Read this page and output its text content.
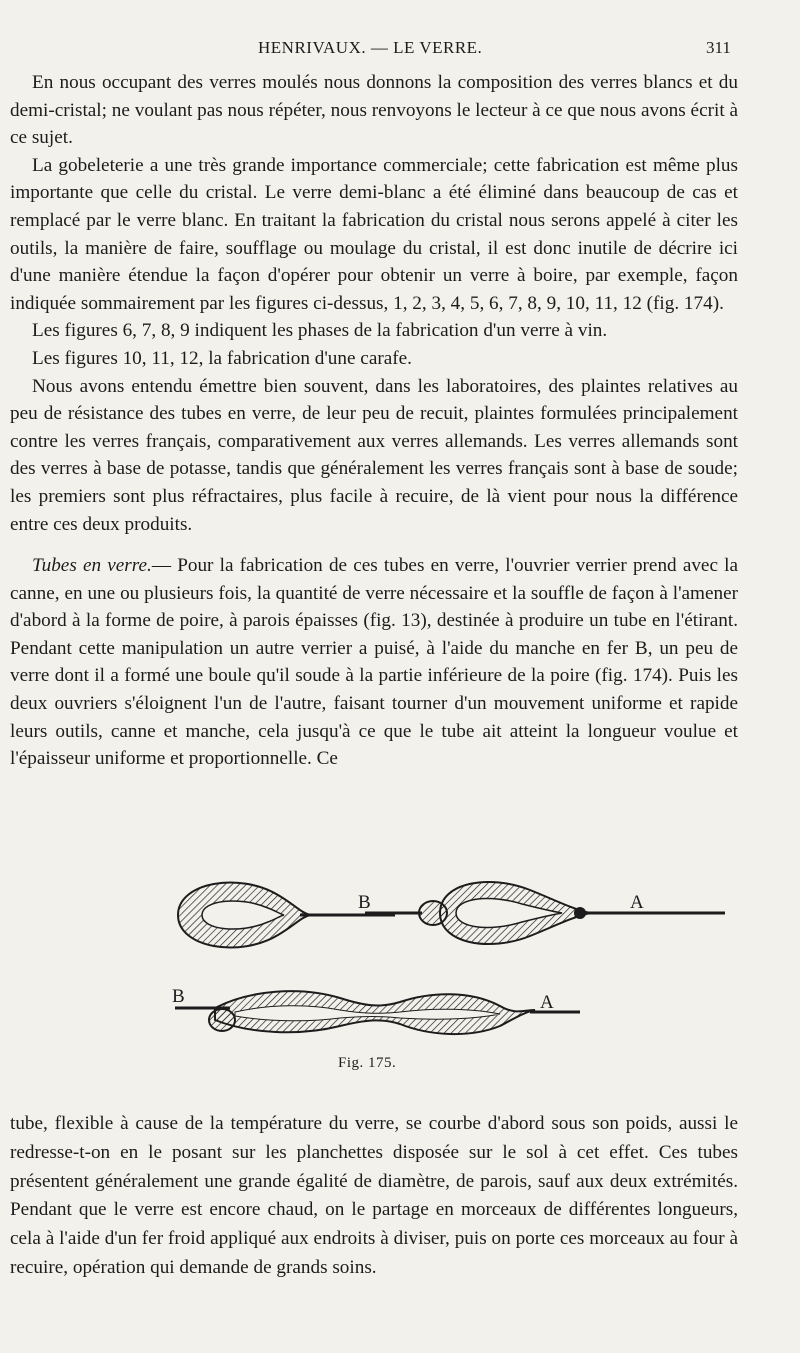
HENRIVAUX. — LE VERRE.	311

En nous occupant des verres moulés nous donnons la composition des verres blancs et du demi-cristal; ne voulant pas nous répéter, nous renvoyons le lecteur à ce que nous avons écrit à ce sujet.

La gobeleterie a une très grande importance commerciale; cette fabrication est même plus importante que celle du cristal. Le verre demi-blanc a été éliminé dans beaucoup de cas et remplacé par le verre blanc. En traitant la fabrication du cristal nous serons appelé à citer les outils, la manière de faire, soufflage ou moulage du cristal, il est donc inutile de décrire ici d'une manière étendue la façon d'opérer pour obtenir un verre à boire, par exemple, façon indiquée sommairement par les figures ci-dessus, 1, 2, 3, 4, 5, 6, 7, 8, 9, 10, 11, 12 (fig. 174).

Les figures 6, 7, 8, 9 indiquent les phases de la fabrication d'un verre à vin.

Les figures 10, 11, 12, la fabrication d'une carafe.

Nous avons entendu émettre bien souvent, dans les laboratoires, des plaintes relatives au peu de résistance des tubes en verre, de leur peu de recuit, plaintes formulées principalement contre les verres français, comparativement aux verres allemands. Les verres allemands sont des verres à base de potasse, tandis que généralement les verres français sont à base de soude; les premiers sont plus réfractaires, plus facile à recuire, de là vient pour nous la différence entre ces deux produits.

Tubes en verre.— Pour la fabrication de ces tubes en verre, l'ouvrier verrier prend avec la canne, en une ou plusieurs fois, la quantité de verre nécessaire et la souffle de façon à l'amener d'abord à la forme de poire, à parois épaisses (fig. 13), destinée à produire un tube en l'étirant. Pendant cette manipulation un autre verrier a puisé, à l'aide du manche en fer B, un peu de verre dont il a formé une boule qu'il soude à la partie inférieure de la poire (fig. 174). Puis les deux ouvriers s'éloignent l'un de l'autre, faisant tourner d'un mouvement uniforme et rapide leurs outils, canne et manche, cela jusqu'à ce que le tube ait atteint la longueur voulue et l'épaisseur uniforme et proportionnelle. Ce

B	A
B	A
Fig. 175.

tube, flexible à cause de la température du verre, se courbe d'abord sous son poids, aussi le redresse-t-on en le posant sur les planchettes disposée sur le sol à cet effet. Ces tubes présentent généralement une grande égalité de diamètre, de parois, sauf aux deux extrémités. Pendant que le verre est encore chaud, on le partage en morceaux de différentes longueurs, cela à l'aide d'un fer froid appliqué aux endroits à diviser, puis on porte ces morceaux au four à recuire, opération qui demande de grands soins.
